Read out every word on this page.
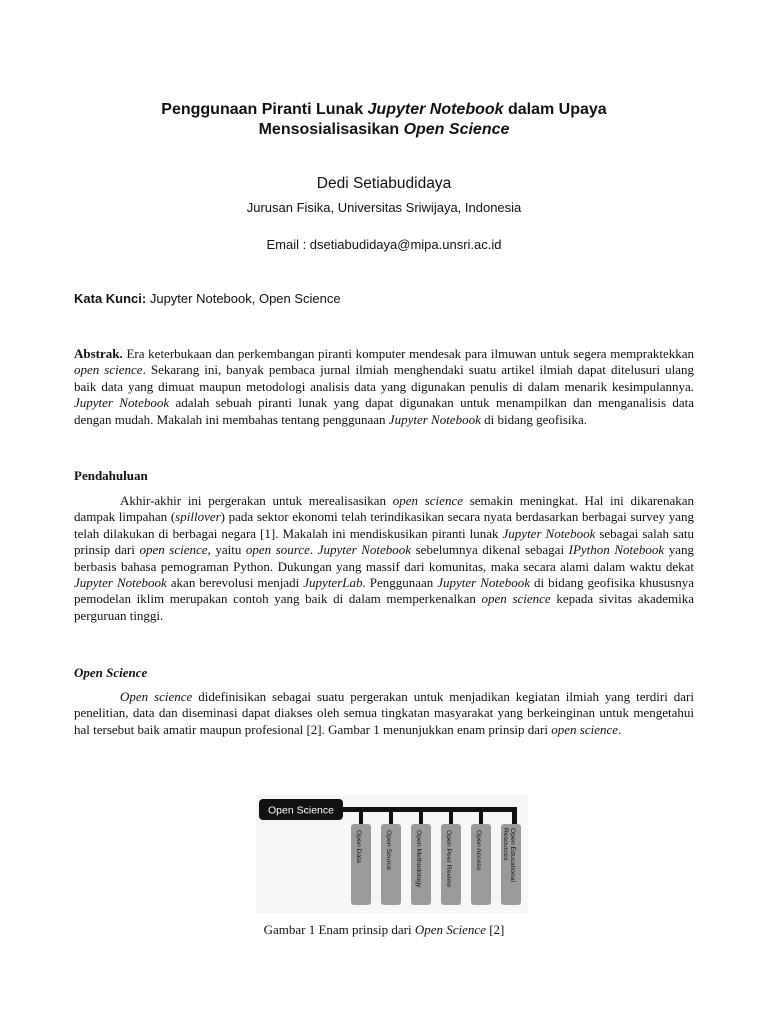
Penggunaan Piranti Lunak Jupyter Notebook dalam Upaya
Mensosialisasikan Open Science
Dedi Setiabudidaya
Jurusan Fisika, Universitas Sriwijaya, Indonesia
Email : dsetiabudidaya@mipa.unsri.ac.id
Kata Kunci: Jupyter Notebook, Open Science

Abstrak. Era keterbukaan dan perkembangan piranti komputer mendesak para ilmuwan untuk segera mempraktekkan open science. Sekarang ini, banyak pembaca jurnal ilmiah menghendaki suatu artikel ilmiah dapat ditelusuri ulang baik data yang dimuat maupun metodologi analisis data yang digunakan penulis di dalam menarik kesimpulannya. Jupyter Notebook adalah sebuah piranti lunak yang dapat digunakan untuk menampilkan dan menganalisis data dengan mudah. Makalah ini membahas tentang penggunaan Jupyter Notebook di bidang geofisika.

Pendahuluan

Akhir-akhir ini pergerakan untuk merealisasikan open science semakin meningkat. Hal ini dikarenakan dampak limpahan (spillover) pada sektor ekonomi telah terindikasikan secara nyata berdasarkan berbagai survey yang telah dilakukan di berbagai negara [1]. Makalah ini mendiskusikan piranti lunak Jupyter Notebook sebagai salah satu prinsip dari open science, yaitu open source. Jupyter Notebook sebelumnya dikenal sebagai IPython Notebook yang berbasis bahasa pemograman Python. Dukungan yang massif dari komunitas, maka secara alami dalam waktu dekat Jupyter Notebook akan berevolusi menjadi JupyterLab. Penggunaan Jupyter Notebook di bidang geofisika khususnya pemodelan iklim merupakan contoh yang baik di dalam memperkenalkan open science kepada sivitas akademika perguruan tinggi.

Open Science

Open science didefinisikan sebagai suatu pergerakan untuk menjadikan kegiatan ilmiah yang terdiri dari penelitian, data dan diseminasi dapat diakses oleh semua tingkatan masyarakat yang berkeinginan untuk mengetahui hal tersebut baik amatir maupun profesional [2]. Gambar 1 menunjukkan enam prinsip dari open science.

Open Science
Open Data	Open Source	Open Methodology	Open Peer Review	Open Access	Open Educational
Resources
Gambar 1 Enam prinsip dari Open Science [2]
